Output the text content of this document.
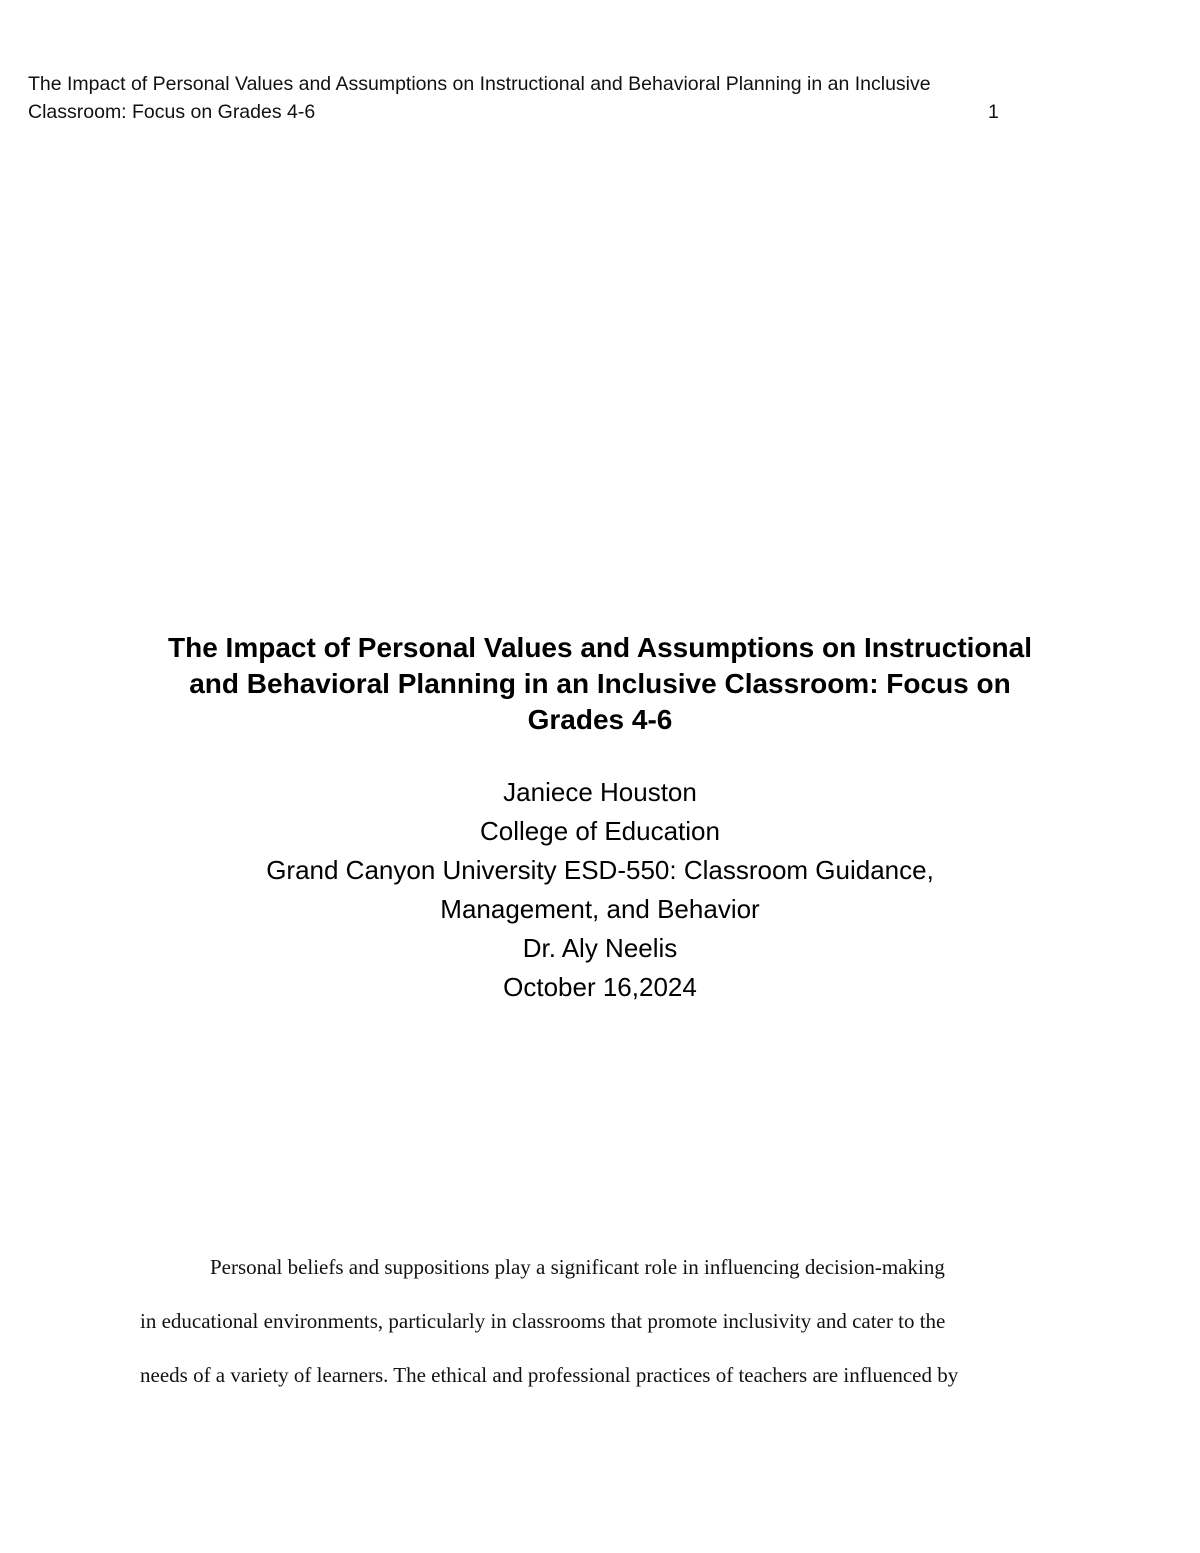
The Impact of Personal Values and Assumptions on Instructional and Behavioral Planning in an Inclusive
Classroom: Focus on Grades 4-6	1
The Impact of Personal Values and Assumptions on Instructional
and Behavioral Planning in an Inclusive Classroom: Focus on
Grades 4-6
Janiece Houston
College of Education
Grand Canyon University ESD-550: Classroom Guidance,
Management, and Behavior
Dr. Aly Neelis
October 16,2024
Personal beliefs and suppositions play a significant role in influencing decision-making
in educational environments, particularly in classrooms that promote inclusivity and cater to the
needs of a variety of learners. The ethical and professional practices of teachers are influenced by
